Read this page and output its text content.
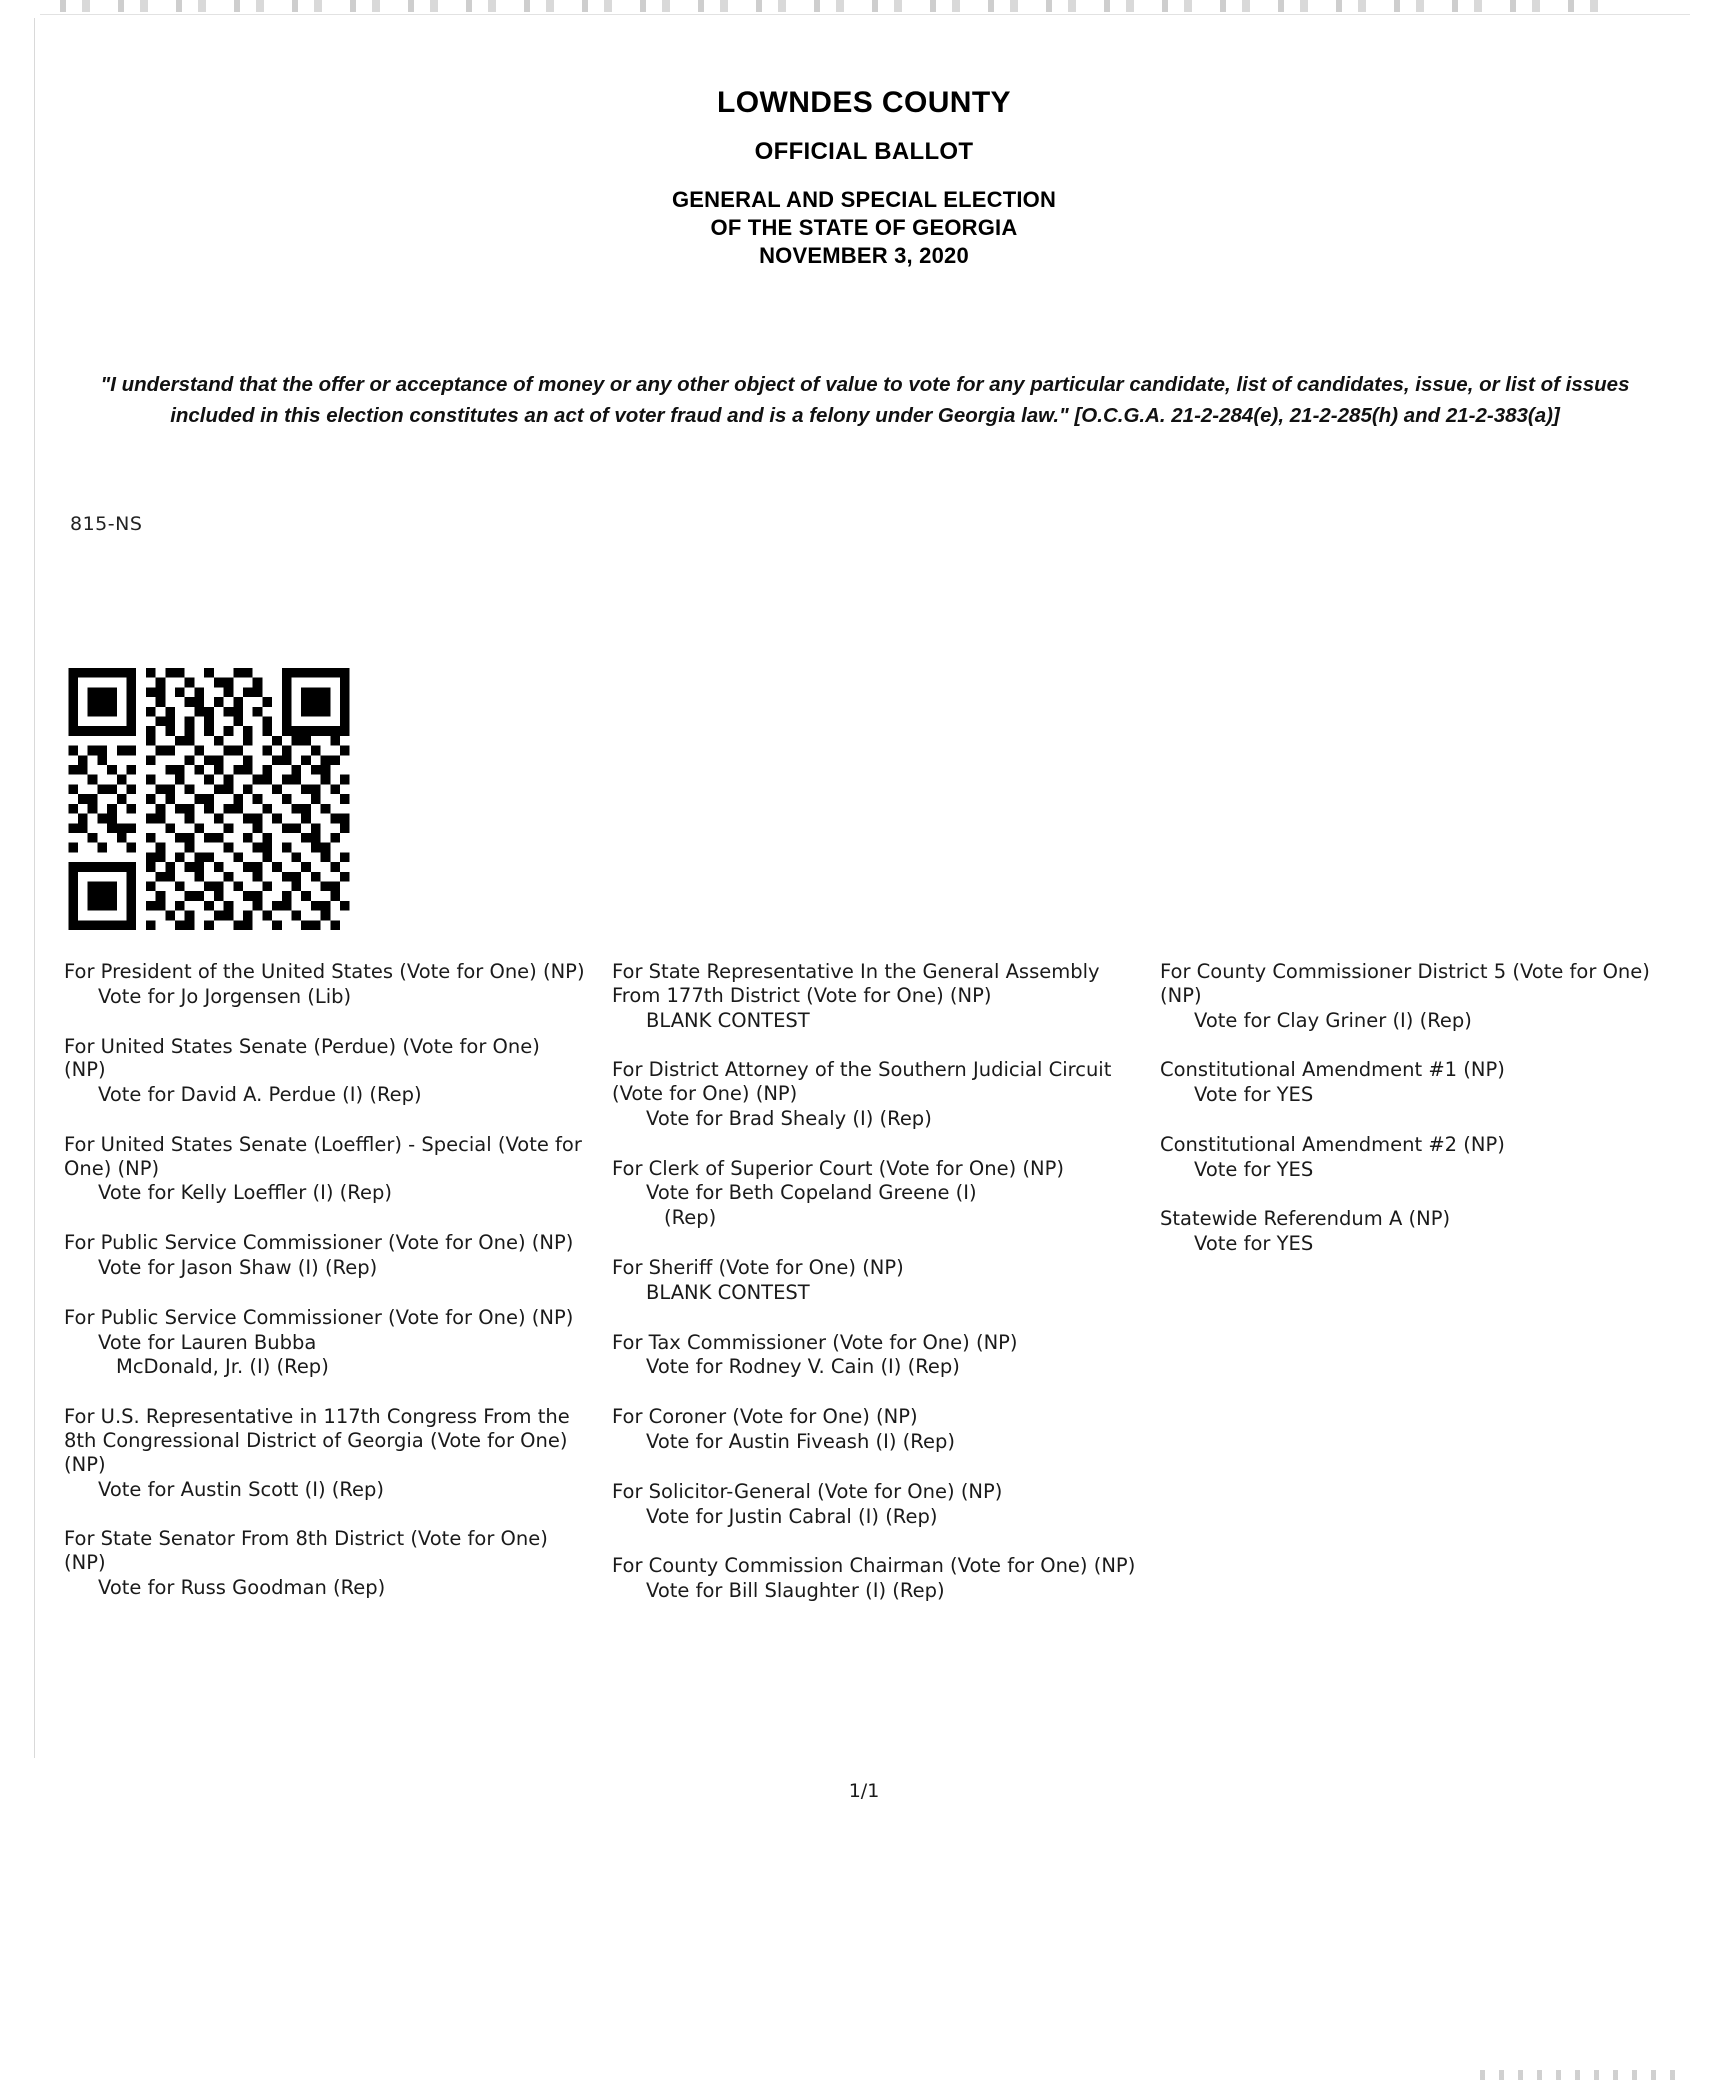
LOWNDES COUNTY
OFFICIAL BALLOT
GENERAL AND SPECIAL ELECTION
OF THE STATE OF GEORGIA
NOVEMBER 3, 2020
"I understand that the offer or acceptance of money or any other object of value to vote for any particular candidate, list of candidates, issue, or list of issues included in this election constitutes an act of voter fraud and is a felony under Georgia law." [O.C.G.A. 21-2-284(e), 21-2-285(h) and 21-2-383(a)]
815-NS
For President of the United States (Vote for One) (NP)
Vote for Jo Jorgensen (Lib)
For United States Senate (Perdue) (Vote for One) (NP)
Vote for David A. Perdue (I) (Rep)
For United States Senate (Loeffler) - Special (Vote for One) (NP)
Vote for Kelly Loeffler (I) (Rep)
For Public Service Commissioner (Vote for One) (NP)
Vote for Jason Shaw (I) (Rep)
For Public Service Commissioner (Vote for One) (NP)
Vote for Lauren Bubba
McDonald, Jr. (I) (Rep)
For U.S. Representative in 117th Congress From the 8th Congressional District of Georgia (Vote for One) (NP)
Vote for Austin Scott (I) (Rep)
For State Senator From 8th District (Vote for One) (NP)
Vote for Russ Goodman (Rep)
For State Representative In the General Assembly From 177th District (Vote for One) (NP)
BLANK CONTEST
For District Attorney of the Southern Judicial Circuit (Vote for One) (NP)
Vote for Brad Shealy (I) (Rep)
For Clerk of Superior Court (Vote for One) (NP)
Vote for Beth Copeland Greene (I)
(Rep)
For Sheriff (Vote for One) (NP)
BLANK CONTEST
For Tax Commissioner (Vote for One) (NP)
Vote for Rodney V. Cain (I) (Rep)
For Coroner (Vote for One) (NP)
Vote for Austin Fiveash (I) (Rep)
For Solicitor-General (Vote for One) (NP)
Vote for Justin Cabral (I) (Rep)
For County Commission Chairman (Vote for One) (NP)
Vote for Bill Slaughter (I) (Rep)
For County Commissioner District 5 (Vote for One) (NP)
Vote for Clay Griner (I) (Rep)
Constitutional Amendment #1 (NP)
Vote for YES
Constitutional Amendment #2 (NP)
Vote for YES
Statewide Referendum A (NP)
Vote for YES
1/1
